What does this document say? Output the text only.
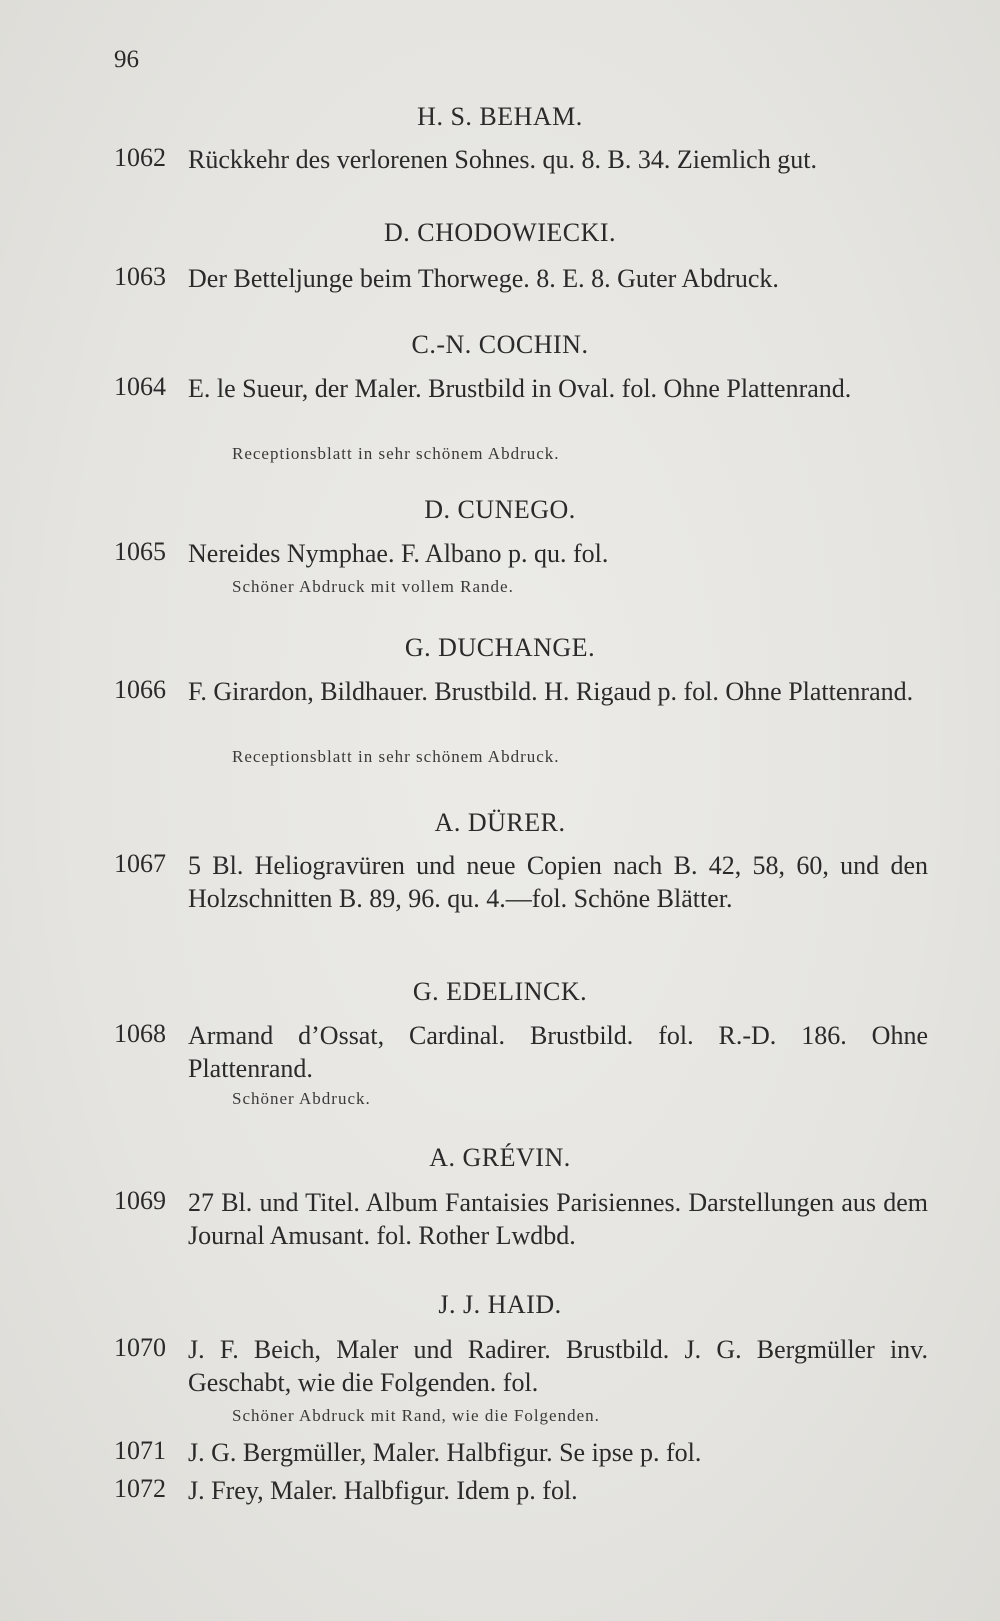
96
H. S. BEHAM.
1062 Rückkehr des verlorenen Sohnes. qu. 8. B. 34. Ziemlich gut.
D. CHODOWIECKI.
1063 Der Betteljunge beim Thorwege. 8. E. 8. Guter Abdruck.
C.-N. COCHIN.
1064 E. le Sueur, der Maler. Brustbild in Oval. fol. Ohne Plattenrand.
Receptionsblatt in sehr schönem Abdruck.
D. CUNEGO.
1065 Nereides Nymphae. F. Albano p. qu. fol.
Schöner Abdruck mit vollem Rande.
G. DUCHANGE.
1066 F. Girardon, Bildhauer. Brustbild. H. Rigaud p. fol. Ohne Plattenrand.
Receptionsblatt in sehr schönem Abdruck.
A. DÜRER.
1067 5 Bl. Heliogravüren und neue Copien nach B. 42, 58, 60, und den Holzschnitten B. 89, 96. qu. 4.—fol. Schöne Blätter.
G. EDELINCK.
1068 Armand d’Ossat, Cardinal. Brustbild. fol. R.-D. 186. Ohne Plattenrand.
Schöner Abdruck.
A. GRÉVIN.
1069 27 Bl. und Titel. Album Fantaisies Parisiennes. Darstellungen aus dem Journal Amusant. fol. Rother Lwdbd.
J. J. HAID.
1070 J. F. Beich, Maler und Radirer. Brustbild. J. G. Bergmüller inv. Geschabt, wie die Folgenden. fol.
Schöner Abdruck mit Rand, wie die Folgenden.
1071 J. G. Bergmüller, Maler. Halbfigur. Se ipse p. fol.
1072 J. Frey, Maler. Halbfigur. Idem p. fol.
